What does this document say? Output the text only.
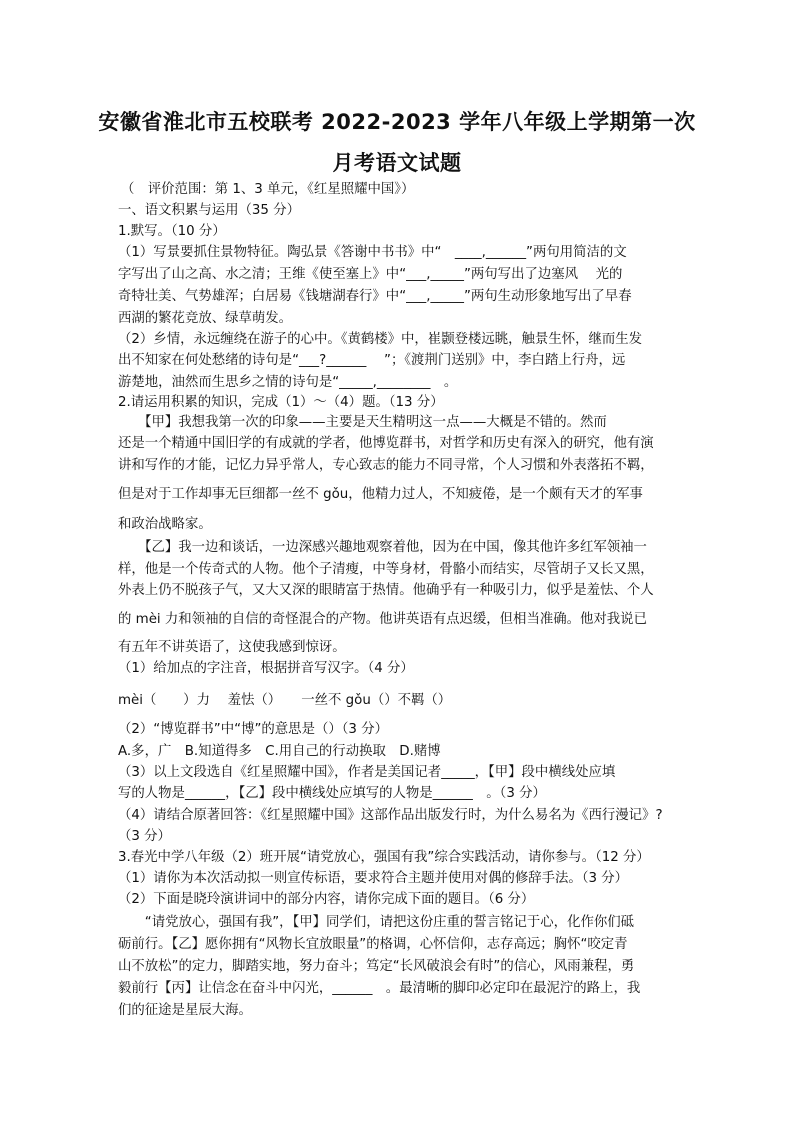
安徽省淮北市五校联考 2022-2023 学年八年级上学期第一次
月考语文试题
（　评价范围：第 1、3 单元，《红星照耀中国》）
一、语文积累与运用（35 分）
1.默写。（10 分）
（1）写景要抓住景物特征。陶弘景《答谢中书书》中“　____,______”两句用简洁的文
字写出了山之高、水之清；王维《使至塞上》中“___,_____”两句写出了边塞风　 光的
奇特壮美、气势雄浑；白居易《钱塘湖春行》中“___,_____”两句生动形象地写出了早春
西湖的繁花竞放、绿草萌发。
（2）乡情，永远缠绕在游子的心中。《黄鹤楼》中，崔颢登楼远眺，触景生怀，继而生发
出不知家在何处愁绪的诗句是“___?______　 ”；《渡荆门送别》中，李白踏上行舟，远
游楚地，油然而生思乡之情的诗句是“_____,________　。
2.请运用积累的知识，完成（1）～（4）题。（13 分）
　　【甲】我想我第一次的印象——主要是天生精明这一点——大概是不错的。然而
还是一个精通中国旧学的有成就的学者，他博览群书，对哲学和历史有深入的研究，他有演
讲和写作的才能，记忆力异乎常人，专心致志的能力不同寻常，个人习惯和外表落拓不羁，
但是对于工作却事无巨细都一丝不 gǒu，他精力过人，不知疲倦，是一个颇有天才的军事
和政治战略家。
　　【乙】我一边和谈话，一边深感兴趣地观察着他，因为在中国，像其他许多红军领袖一
样，他是一个传奇式的人物。他个子清瘦，中等身材，骨骼小而结实，尽管胡子又长又黑，
外表上仍不脱孩子气，又大又深的眼睛富于热情。他确乎有一种吸引力，似乎是羞怯、个人
的 mèi 力和领袖的自信的奇怪混合的产物。他讲英语有点迟缓，但相当准确。他对我说已
有五年不讲英语了，这使我感到惊讶。
（1）给加点的字注音，根据拼音写汉字。（4 分）
mèi（　　）力　 羞怯（）　　一丝不 gǒu（）不羁（）
（2）“博览群书”中“博”的意思是（）（3 分）
A.多，广　B.知道得多　C.用自己的行动换取　D.赌博
（3）以上文段选自《红星照耀中国》，作者是美国记者_____，【甲】段中横线处应填
写的人物是______，【乙】段中横线处应填写的人物是______　。（3 分）
（4）请结合原著回答：《红星照耀中国》这部作品出版发行时，为什么易名为《西行漫记》?
（3 分）
3.春光中学八年级（2）班开展“请党放心，强国有我”综合实践活动，请你参与。（12 分）
（1）请你为本次活动拟一则宣传标语，要求符合主题并使用对偶的修辞手法。（3 分）
（2）下面是晓玲演讲词中的部分内容，请你完成下面的题目。（6 分）
　　“请党放心，强国有我”，【甲】同学们，请把这份庄重的誓言铭记于心，化作你们砥
砺前行。【乙】愿你拥有“风物长宜放眼量”的格调，心怀信仰，志存高远；胸怀“咬定青
山不放松”的定力，脚踏实地，努力奋斗；笃定“长风破浪会有时”的信心，风雨兼程，勇
毅前行【丙】让信念在奋斗中闪光，______　。最清晰的脚印必定印在最泥泞的路上，我
们的征途是星辰大海。
